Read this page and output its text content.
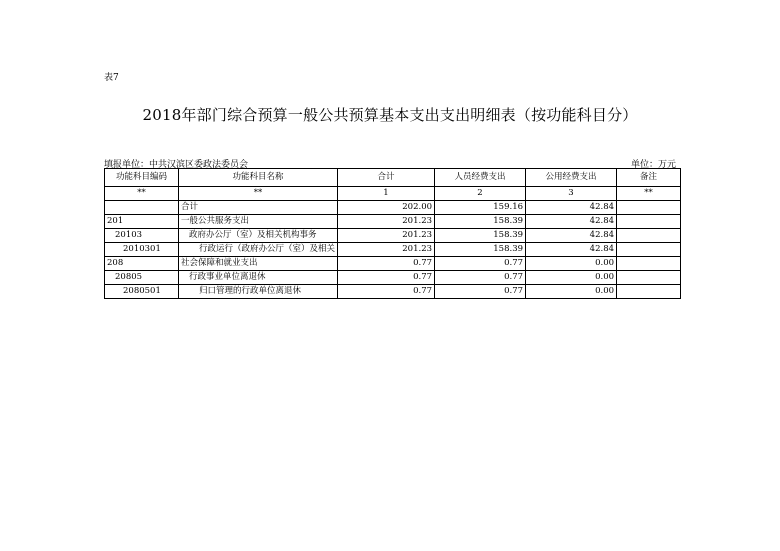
表7
2018年部门综合预算一般公共预算基本支出支出明细表（按功能科目分）
填报单位：中共汉滨区委政法委员会	单位：万元
功能科目编码	功能科目名称	合计	人员经费支出	公用经费支出	备注
**	**	1	2	3	**
	合计	202.00	159.16	42.84	
201	一般公共服务支出	201.23	158.39	42.84	
20103	政府办公厅（室）及相关机构事务	201.23	158.39	42.84	
2010301	行政运行（政府办公厅（室）及相关	201.23	158.39	42.84	
208	社会保障和就业支出	0.77	0.77	0.00	
20805	行政事业单位离退休	0.77	0.77	0.00	
2080501	归口管理的行政单位离退休	0.77	0.77	0.00	
